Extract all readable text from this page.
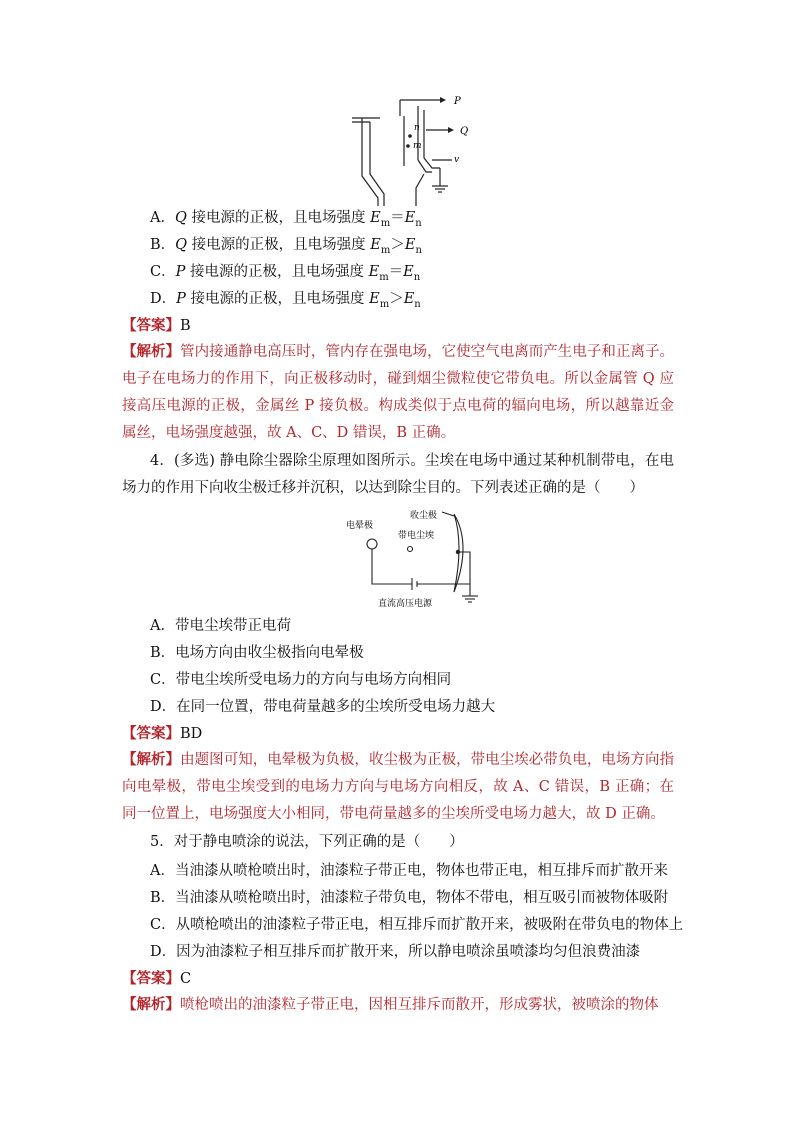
P
Q
n
m
v
A．Q 接电源的正极，且电场强度 $E_m=E_n$
B．Q 接电源的正极，且电场强度 $E_m>E_n$
C．P 接电源的正极，且电场强度 $E_m=E_n$
D．P 接电源的正极，且电场强度 $E_m>E_n$
【答案】B
【解析】管内接通静电高压时，管内存在强电场，它使空气电离而产生电子和正离子。电子在电场力的作用下，向正极移动时，碰到烟尘微粒使它带负电。所以金属管 Q 应接高压电源的正极，金属丝 P 接负极。构成类似于点电荷的辐向电场，所以越靠近金属丝，电场强度越强，故 A、C、D 错误，B 正确。
4．(多选) 静电除尘器除尘原理如图所示。尘埃在电场中通过某种机制带电，在电场力的作用下向收尘极迁移并沉积，以达到除尘目的。下列表述正确的是（　　）
电晕极
收尘极
带电尘埃
直流高压电源
A．带电尘埃带正电荷
B．电场方向由收尘极指向电晕极
C．带电尘埃所受电场力的方向与电场方向相同
D．在同一位置，带电荷量越多的尘埃所受电场力越大
【答案】BD
【解析】由题图可知，电晕极为负极，收尘极为正极，带电尘埃必带负电，电场方向指向电晕极，带电尘埃受到的电场力方向与电场方向相反，故 A、C 错误，B 正确；在同一位置上，电场强度大小相同，带电荷量越多的尘埃所受电场力越大，故 D 正确。
5．对于静电喷涂的说法，下列正确的是（　　）
A．当油漆从喷枪喷出时，油漆粒子带正电，物体也带正电，相互排斥而扩散开来
B．当油漆从喷枪喷出时，油漆粒子带负电，物体不带电，相互吸引而被物体吸附
C．从喷枪喷出的油漆粒子带正电，相互排斥而扩散开来，被吸附在带负电的物体上
D．因为油漆粒子相互排斥而扩散开来，所以静电喷涂虽喷漆均匀但浪费油漆
【答案】C
【解析】喷枪喷出的油漆粒子带正电，因相互排斥而散开，形成雾状，被喷涂的物体
